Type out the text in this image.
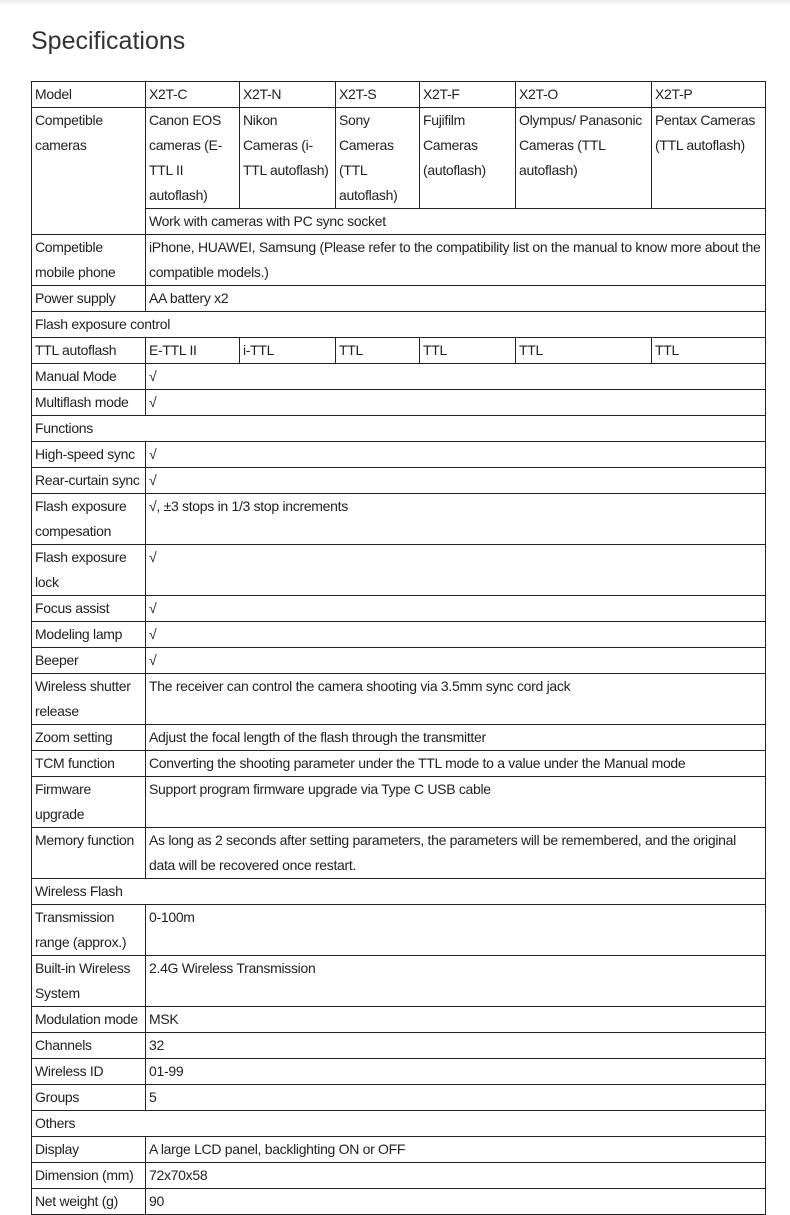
Specifications
Model	X2T-C	X2T-N	X2T-S	X2T-F	X2T-O	X2T-P
Competible cameras	Canon EOS cameras (E-TTL II autoflash)	Nikon Cameras (i-TTL autoflash)	Sony Cameras (TTL autoflash)	Fujifilm Cameras (autoflash)	Olympus/ Panasonic Cameras (TTL autoflash)	Pentax Cameras (TTL autoflash)
	Work with cameras with PC sync socket					
Competible mobile phone	iPhone, HUAWEI, Samsung (Please refer to the compatibility list on the manual to know more about the compatible models.)					
Power supply	AA battery x2					
Flash exposure control						
TTL autoflash	E-TTL II	i-TTL	TTL	TTL	TTL	TTL
Manual Mode	√					
Multiflash mode	√					
Functions						
High-speed sync	√					
Rear-curtain sync	√					
Flash exposure compesation	√, ±3 stops in 1/3 stop increments					
Flash exposure lock	√					
Focus assist	√					
Modeling lamp	√					
Beeper	√					
Wireless shutter release	The receiver can control the camera shooting via 3.5mm sync cord jack					
Zoom setting	Adjust the focal length of the flash through the transmitter					
TCM function	Converting the shooting parameter under the TTL mode to a value under the Manual mode					
Firmware upgrade	Support program firmware upgrade via Type C USB cable					
Memory function	As long as 2 seconds after setting parameters, the parameters will be remembered, and the original data will be recovered once restart.					
Wireless Flash						
Transmission range (approx.)	0-100m					
Built-in Wireless System	2.4G Wireless Transmission					
Modulation mode	MSK					
Channels	32					
Wireless ID	01-99					
Groups	5					
Others						
Display	A large LCD panel, backlighting ON or OFF					
Dimension (mm)	72x70x58					
Net weight (g)	90					
